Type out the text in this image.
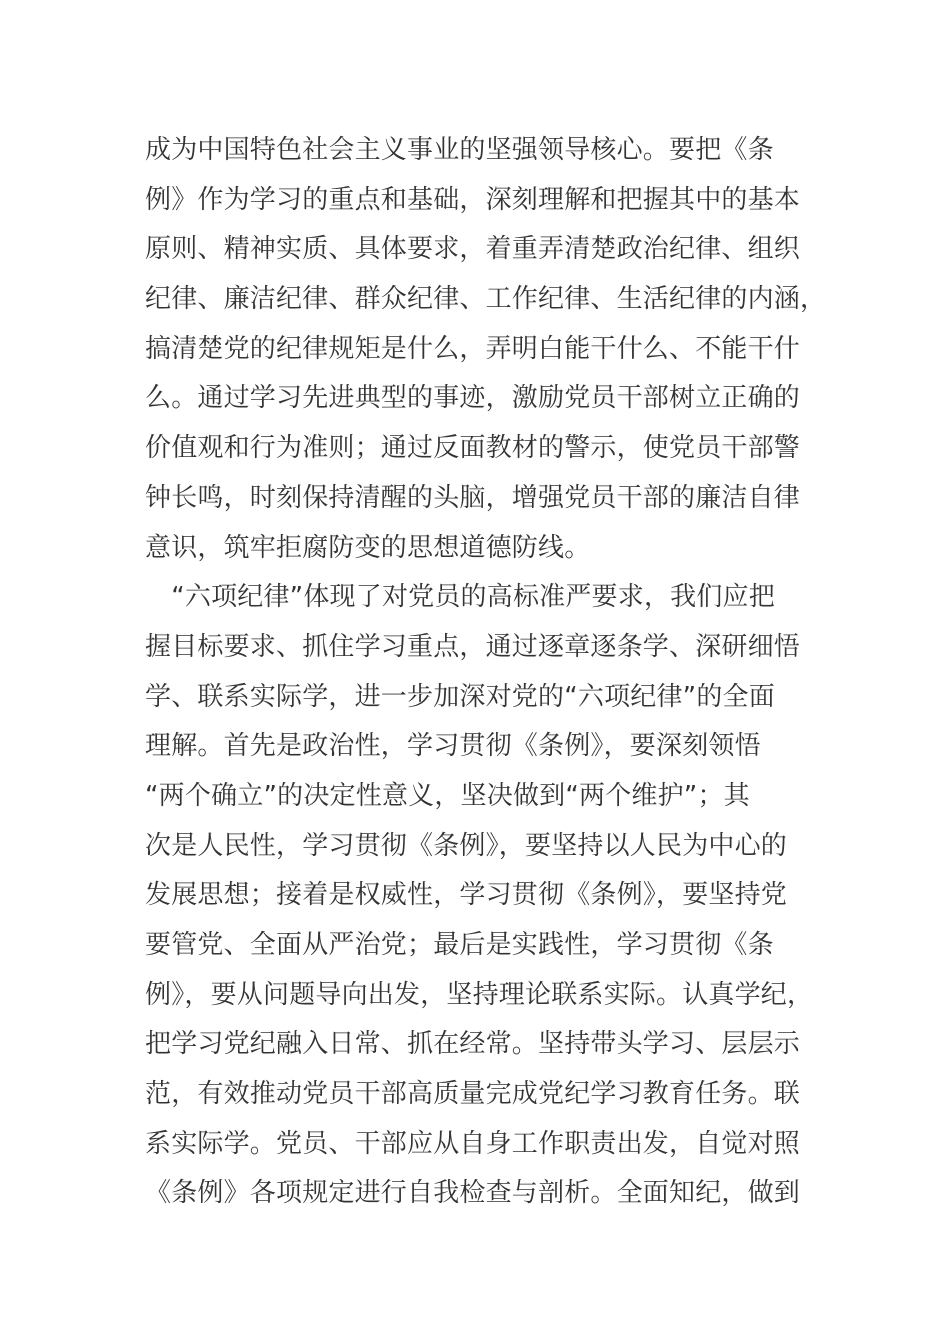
成为中国特色社会主义事业的坚强领导核心。要把《条
例》作为学习的重点和基础，深刻理解和把握其中的基本
原则、精神实质、具体要求，着重弄清楚政治纪律、组织
纪律、廉洁纪律、群众纪律、工作纪律、生活纪律的内涵，
搞清楚党的纪律规矩是什么，弄明白能干什么、不能干什
么。通过学习先进典型的事迹，激励党员干部树立正确的
价值观和行为准则；通过反面教材的警示，使党员干部警
钟长鸣，时刻保持清醒的头脑，增强党员干部的廉洁自律
意识，筑牢拒腐防变的思想道德防线。
　“六项纪律”体现了对党员的高标准严要求，我们应把
握目标要求、抓住学习重点，通过逐章逐条学、深研细悟
学、联系实际学，进一步加深对党的“六项纪律”的全面
理解。首先是政治性，学习贯彻《条例》，要深刻领悟
“两个确立”的决定性意义，坚决做到“两个维护”；其
次是人民性，学习贯彻《条例》，要坚持以人民为中心的
发展思想；接着是权威性，学习贯彻《条例》，要坚持党
要管党、全面从严治党；最后是实践性，学习贯彻《条
例》，要从问题导向出发，坚持理论联系实际。认真学纪，
把学习党纪融入日常、抓在经常。坚持带头学习、层层示
范，有效推动党员干部高质量完成党纪学习教育任务。联
系实际学。党员、干部应从自身工作职责出发，自觉对照
《条例》各项规定进行自我检查与剖析。全面知纪，做到
